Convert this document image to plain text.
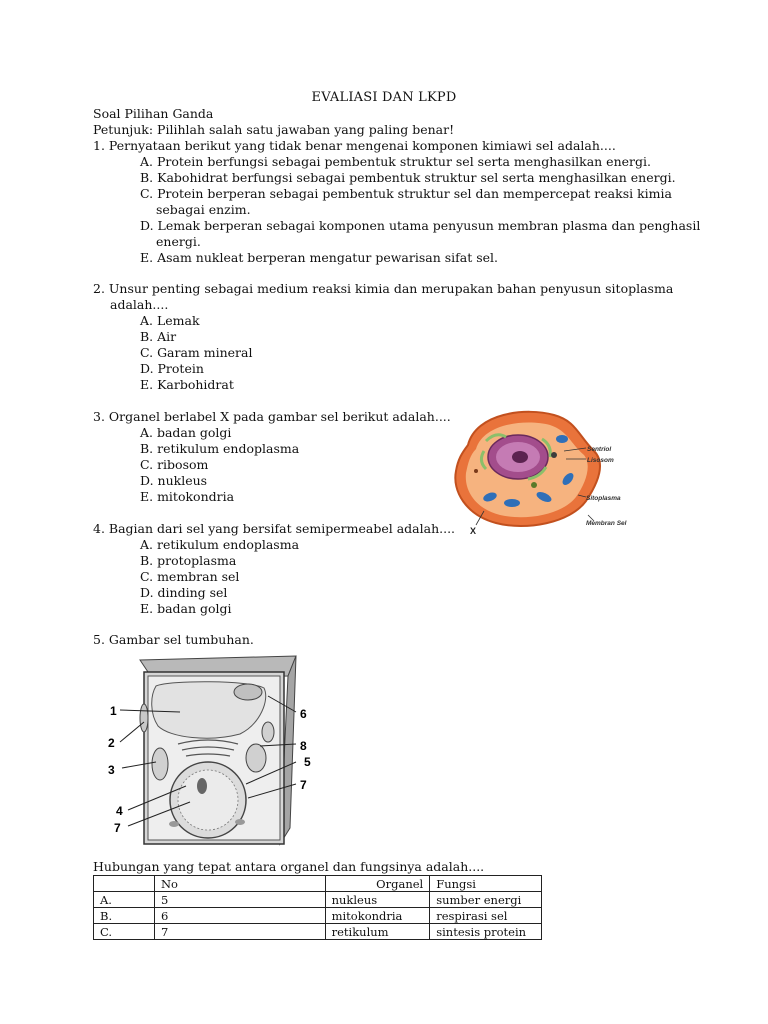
EVALIASI DAN LKPD
Soal Pilihan Ganda
Petunjuk: Pilihlah salah satu jawaban yang paling benar!
1. Pernyataan berikut yang tidak benar mengenai komponen kimiawi sel adalah....
A. Protein berfungsi sebagai pembentuk struktur sel serta menghasilkan energi.
B. Kabohidrat berfungsi sebagai pembentuk struktur sel serta menghasilkan energi.
C. Protein berperan sebagai pembentuk struktur sel dan mempercepat reaksi kimia
sebagai enzim.
D. Lemak berperan sebagai komponen utama penyusun membran plasma dan penghasil
energi.
E. Asam nukleat berperan mengatur pewarisan sifat sel.
2. Unsur penting sebagai medium reaksi kimia dan merupakan bahan penyusun sitoplasma
adalah....
A. Lemak
B. Air
C. Garam mineral
D. Protein
E. Karbohidrat
3. Organel berlabel X pada gambar sel berikut adalah....
A. badan golgi
B. retikulum endoplasma
C. ribosom
D. nukleus
E. mitokondria
Sentriol
Lisosom
Sitoplasma
Membran Sel
X
4. Bagian dari sel yang bersifat semipermeabel adalah....
A. retikulum endoplasma
B. protoplasma
C. membran sel
D. dinding sel
E. badan golgi
5. Gambar sel tumbuhan.
1
2
3
4
7
6
8
5
7
Hubungan yang tepat antara organel dan fungsinya adalah....
	No	Organel	Fungsi
A.	5	nukleus	sumber energi
B.	6	mitokondria	respirasi sel
C.	7	retikulum	sintesis protein
